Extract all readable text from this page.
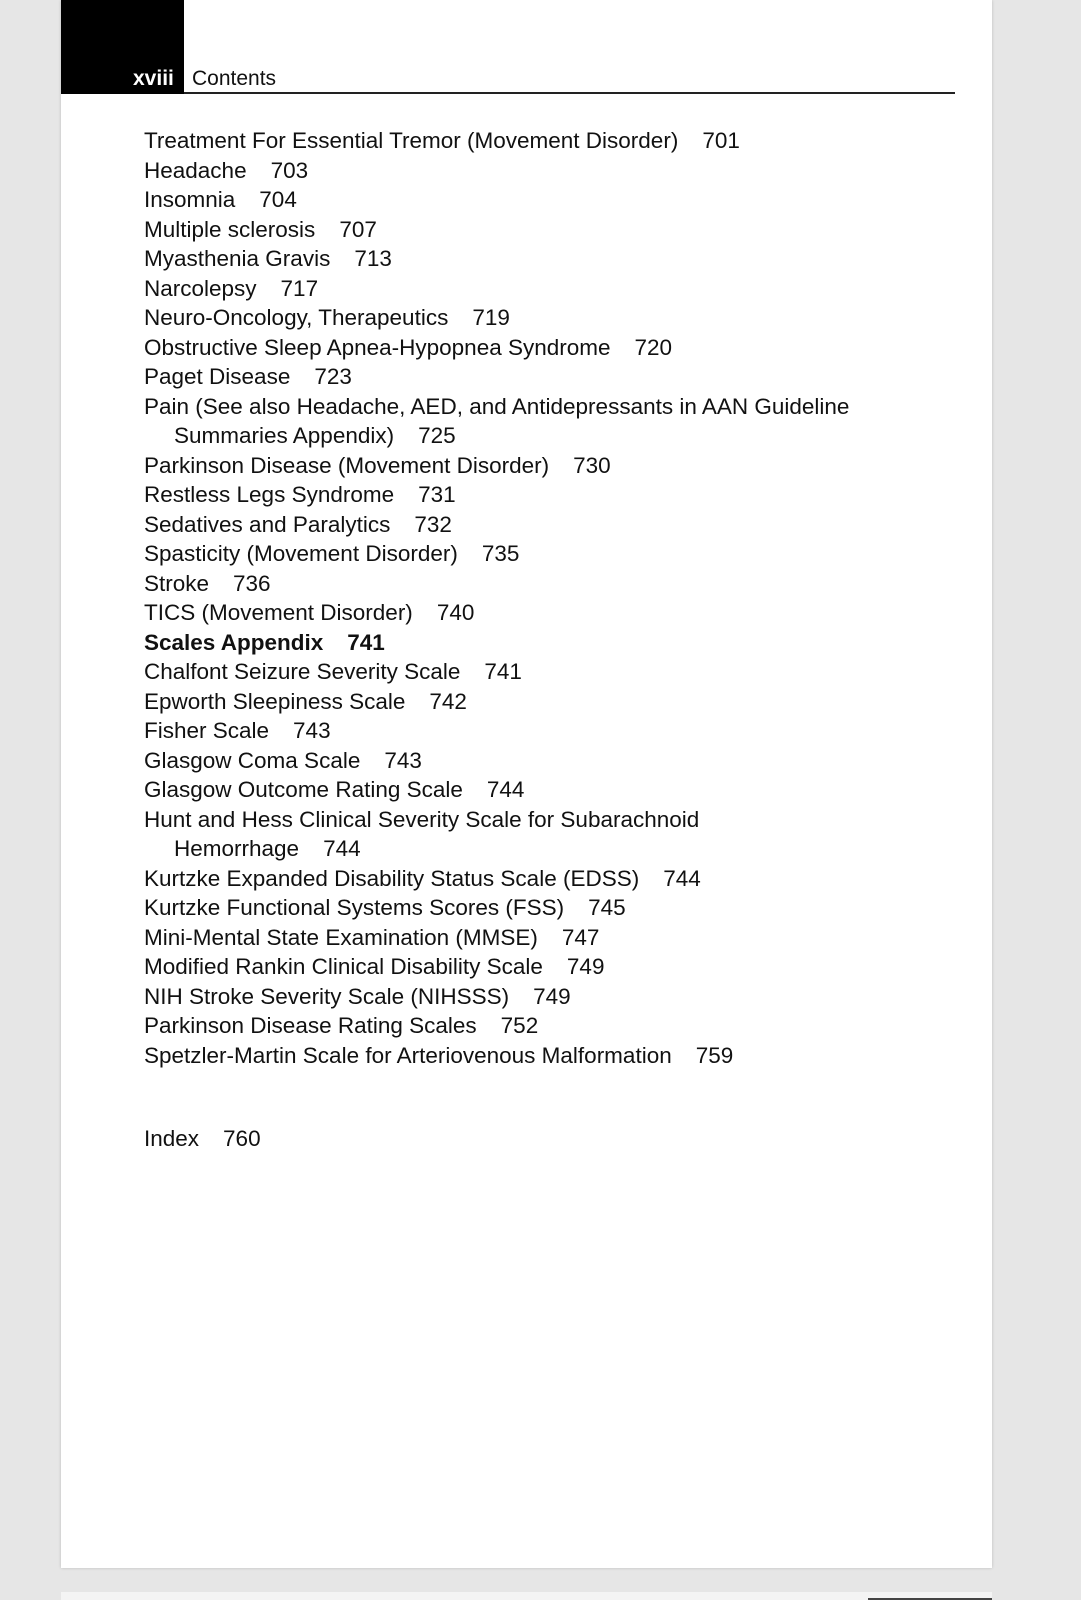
xviii Contents
Treatment For Essential Tremor (Movement Disorder) 701
Headache 703
Insomnia 704
Multiple sclerosis 707
Myasthenia Gravis 713
Narcolepsy 717
Neuro-Oncology, Therapeutics 719
Obstructive Sleep Apnea-Hypopnea Syndrome 720
Paget Disease 723
Pain (See also Headache, AED, and Antidepressants in AAN Guideline
Summaries Appendix) 725
Parkinson Disease (Movement Disorder) 730
Restless Legs Syndrome 731
Sedatives and Paralytics 732
Spasticity (Movement Disorder) 735
Stroke 736
TICS (Movement Disorder) 740
Scales Appendix 741
Chalfont Seizure Severity Scale 741
Epworth Sleepiness Scale 742
Fisher Scale 743
Glasgow Coma Scale 743
Glasgow Outcome Rating Scale 744
Hunt and Hess Clinical Severity Scale for Subarachnoid
Hemorrhage 744
Kurtzke Expanded Disability Status Scale (EDSS) 744
Kurtzke Functional Systems Scores (FSS) 745
Mini-Mental State Examination (MMSE) 747
Modified Rankin Clinical Disability Scale 749
NIH Stroke Severity Scale (NIHSSS) 749
Parkinson Disease Rating Scales 752
Spetzler-Martin Scale for Arteriovenous Malformation 759
Index 760
